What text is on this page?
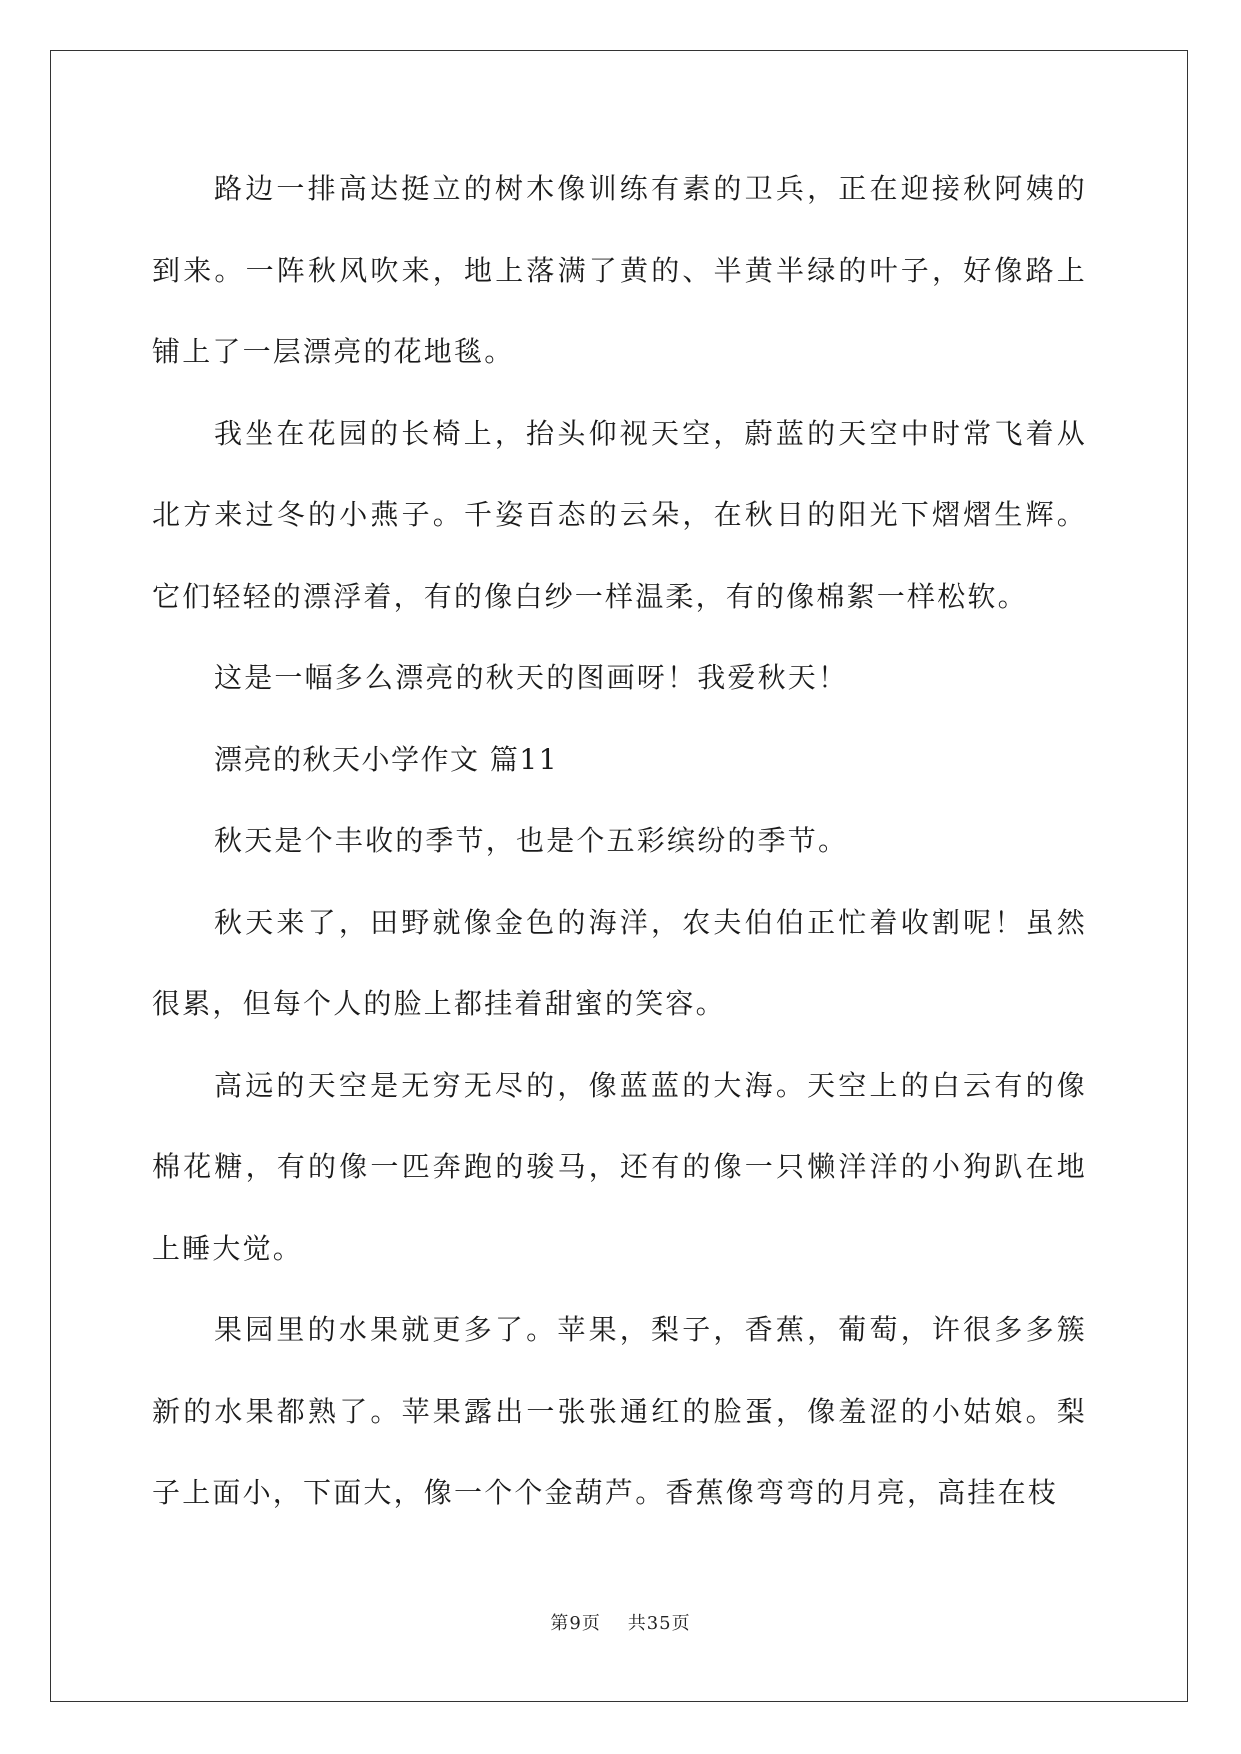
路边一排高达挺立的树木像训练有素的卫兵，正在迎接秋阿姨的到来。一阵秋风吹来，地上落满了黄的、半黄半绿的叶子，好像路上铺上了一层漂亮的花地毯。

我坐在花园的长椅上，抬头仰视天空，蔚蓝的天空中时常飞着从北方来过冬的小燕子。千姿百态的云朵，在秋日的阳光下熠熠生辉。它们轻轻的漂浮着，有的像白纱一样温柔，有的像棉絮一样松软。

这是一幅多么漂亮的秋天的图画呀！我爱秋天！

漂亮的秋天小学作文 篇11

秋天是个丰收的季节，也是个五彩缤纷的季节。

秋天来了，田野就像金色的海洋，农夫伯伯正忙着收割呢！虽然很累，但每个人的脸上都挂着甜蜜的笑容。

高远的天空是无穷无尽的，像蓝蓝的大海。天空上的白云有的像棉花糖，有的像一匹奔跑的骏马，还有的像一只懒洋洋的小狗趴在地上睡大觉。

果园里的水果就更多了。苹果，梨子，香蕉，葡萄，许很多多簇新的水果都熟了。苹果露出一张张通红的脸蛋，像羞涩的小姑娘。梨子上面小，下面大，像一个个金葫芦。香蕉像弯弯的月亮，高挂在枝

第9页 共35页
